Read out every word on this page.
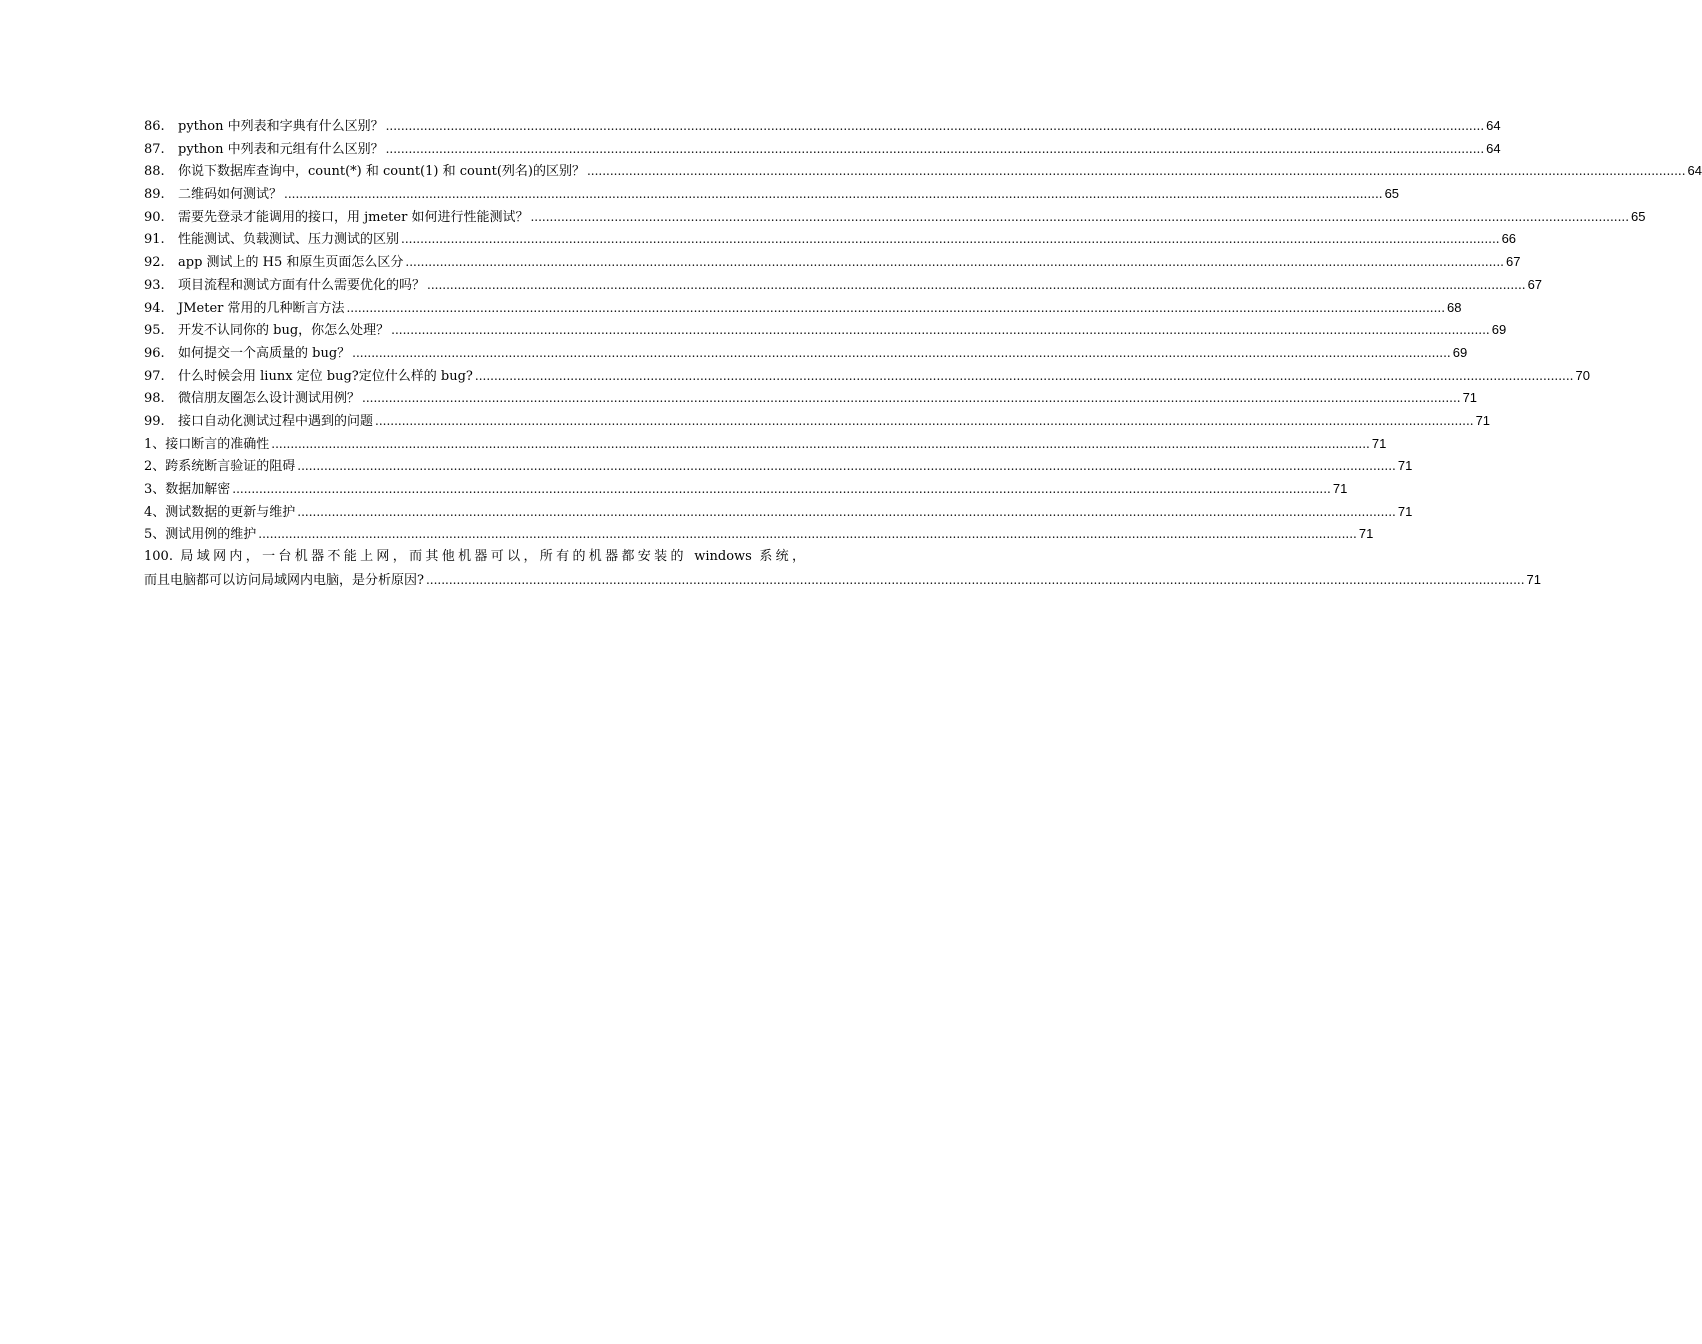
86. python 中列表和字典有什么区别？ .....	64
87. python 中列表和元组有什么区别？ .....	64
88. 你说下数据库查询中，count(*) 和 count(1) 和 count(列名)的区别？ .....	64
89. 二维码如何测试？ .....	65
90. 需要先登录才能调用的接口，用 jmeter 如何进行性能测试？ .....	65
91. 性能测试、负载测试、压力测试的区别 .....	66
92. app 测试上的 H5 和原生页面怎么区分 .....	67
93. 项目流程和测试方面有什么需要优化的吗？ .....	67
94. JMeter 常用的几种断言方法 .....	68
95. 开发不认同你的 bug，你怎么处理？ .....	69
96. 如何提交一个高质量的 bug？ .....	69
97. 什么时候会用 liunx 定位 bug?定位什么样的 bug? .....	70
98. 微信朋友圈怎么设计测试用例？ .....	71
99. 接口自动化测试过程中遇到的问题 .....	71
1、接口断言的准确性 .....	71
2、跨系统断言验证的阻碍 .....	71
3、数据加解密 .....	71
4、测试数据的更新与维护 .....	71
5、测试用例的维护 .....	71
100. 局域网内，一台机器不能上网，而其他机器可以，所有的机器都安装的 windows 系统，
而且电脑都可以访问局域网内电脑，是分析原因? .....	71
